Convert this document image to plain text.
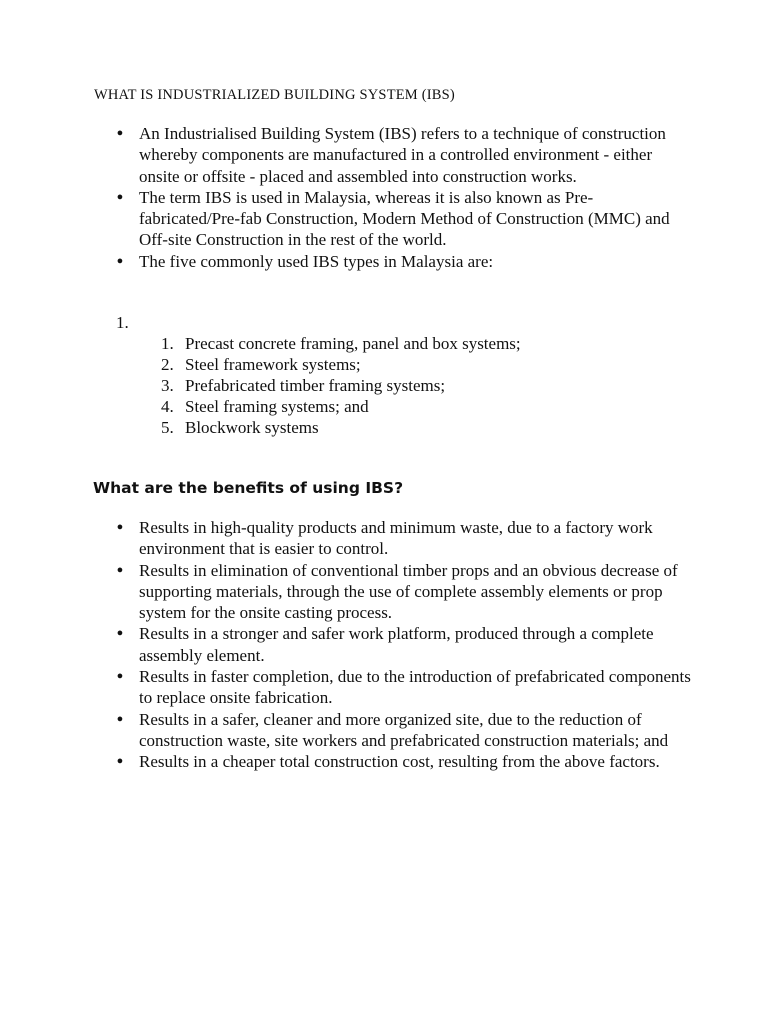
WHAT IS INDUSTRIALIZED BUILDING SYSTEM (IBS)
● An Industrialised Building System (IBS) refers to a technique of construction whereby components are manufactured in a controlled environment - either onsite or offsite - placed and assembled into construction works.
● The term IBS is used in Malaysia, whereas it is also known as Pre-fabricated/Pre-fab Construction, Modern Method of Construction (MMC) and Off-site Construction in the rest of the world.
● The five commonly used IBS types in Malaysia are:
1.
1. Precast concrete framing, panel and box systems;
2. Steel framework systems;
3. Prefabricated timber framing systems;
4. Steel framing systems; and
5. Blockwork systems
What are the benefits of using IBS?
● Results in high-quality products and minimum waste, due to a factory work environment that is easier to control.
● Results in elimination of conventional timber props and an obvious decrease of supporting materials, through the use of complete assembly elements or prop system for the onsite casting process.
● Results in a stronger and safer work platform, produced through a complete assembly element.
● Results in faster completion, due to the introduction of prefabricated components to replace onsite fabrication.
● Results in a safer, cleaner and more organized site, due to the reduction of construction waste, site workers and prefabricated construction materials; and
● Results in a cheaper total construction cost, resulting from the above factors.
